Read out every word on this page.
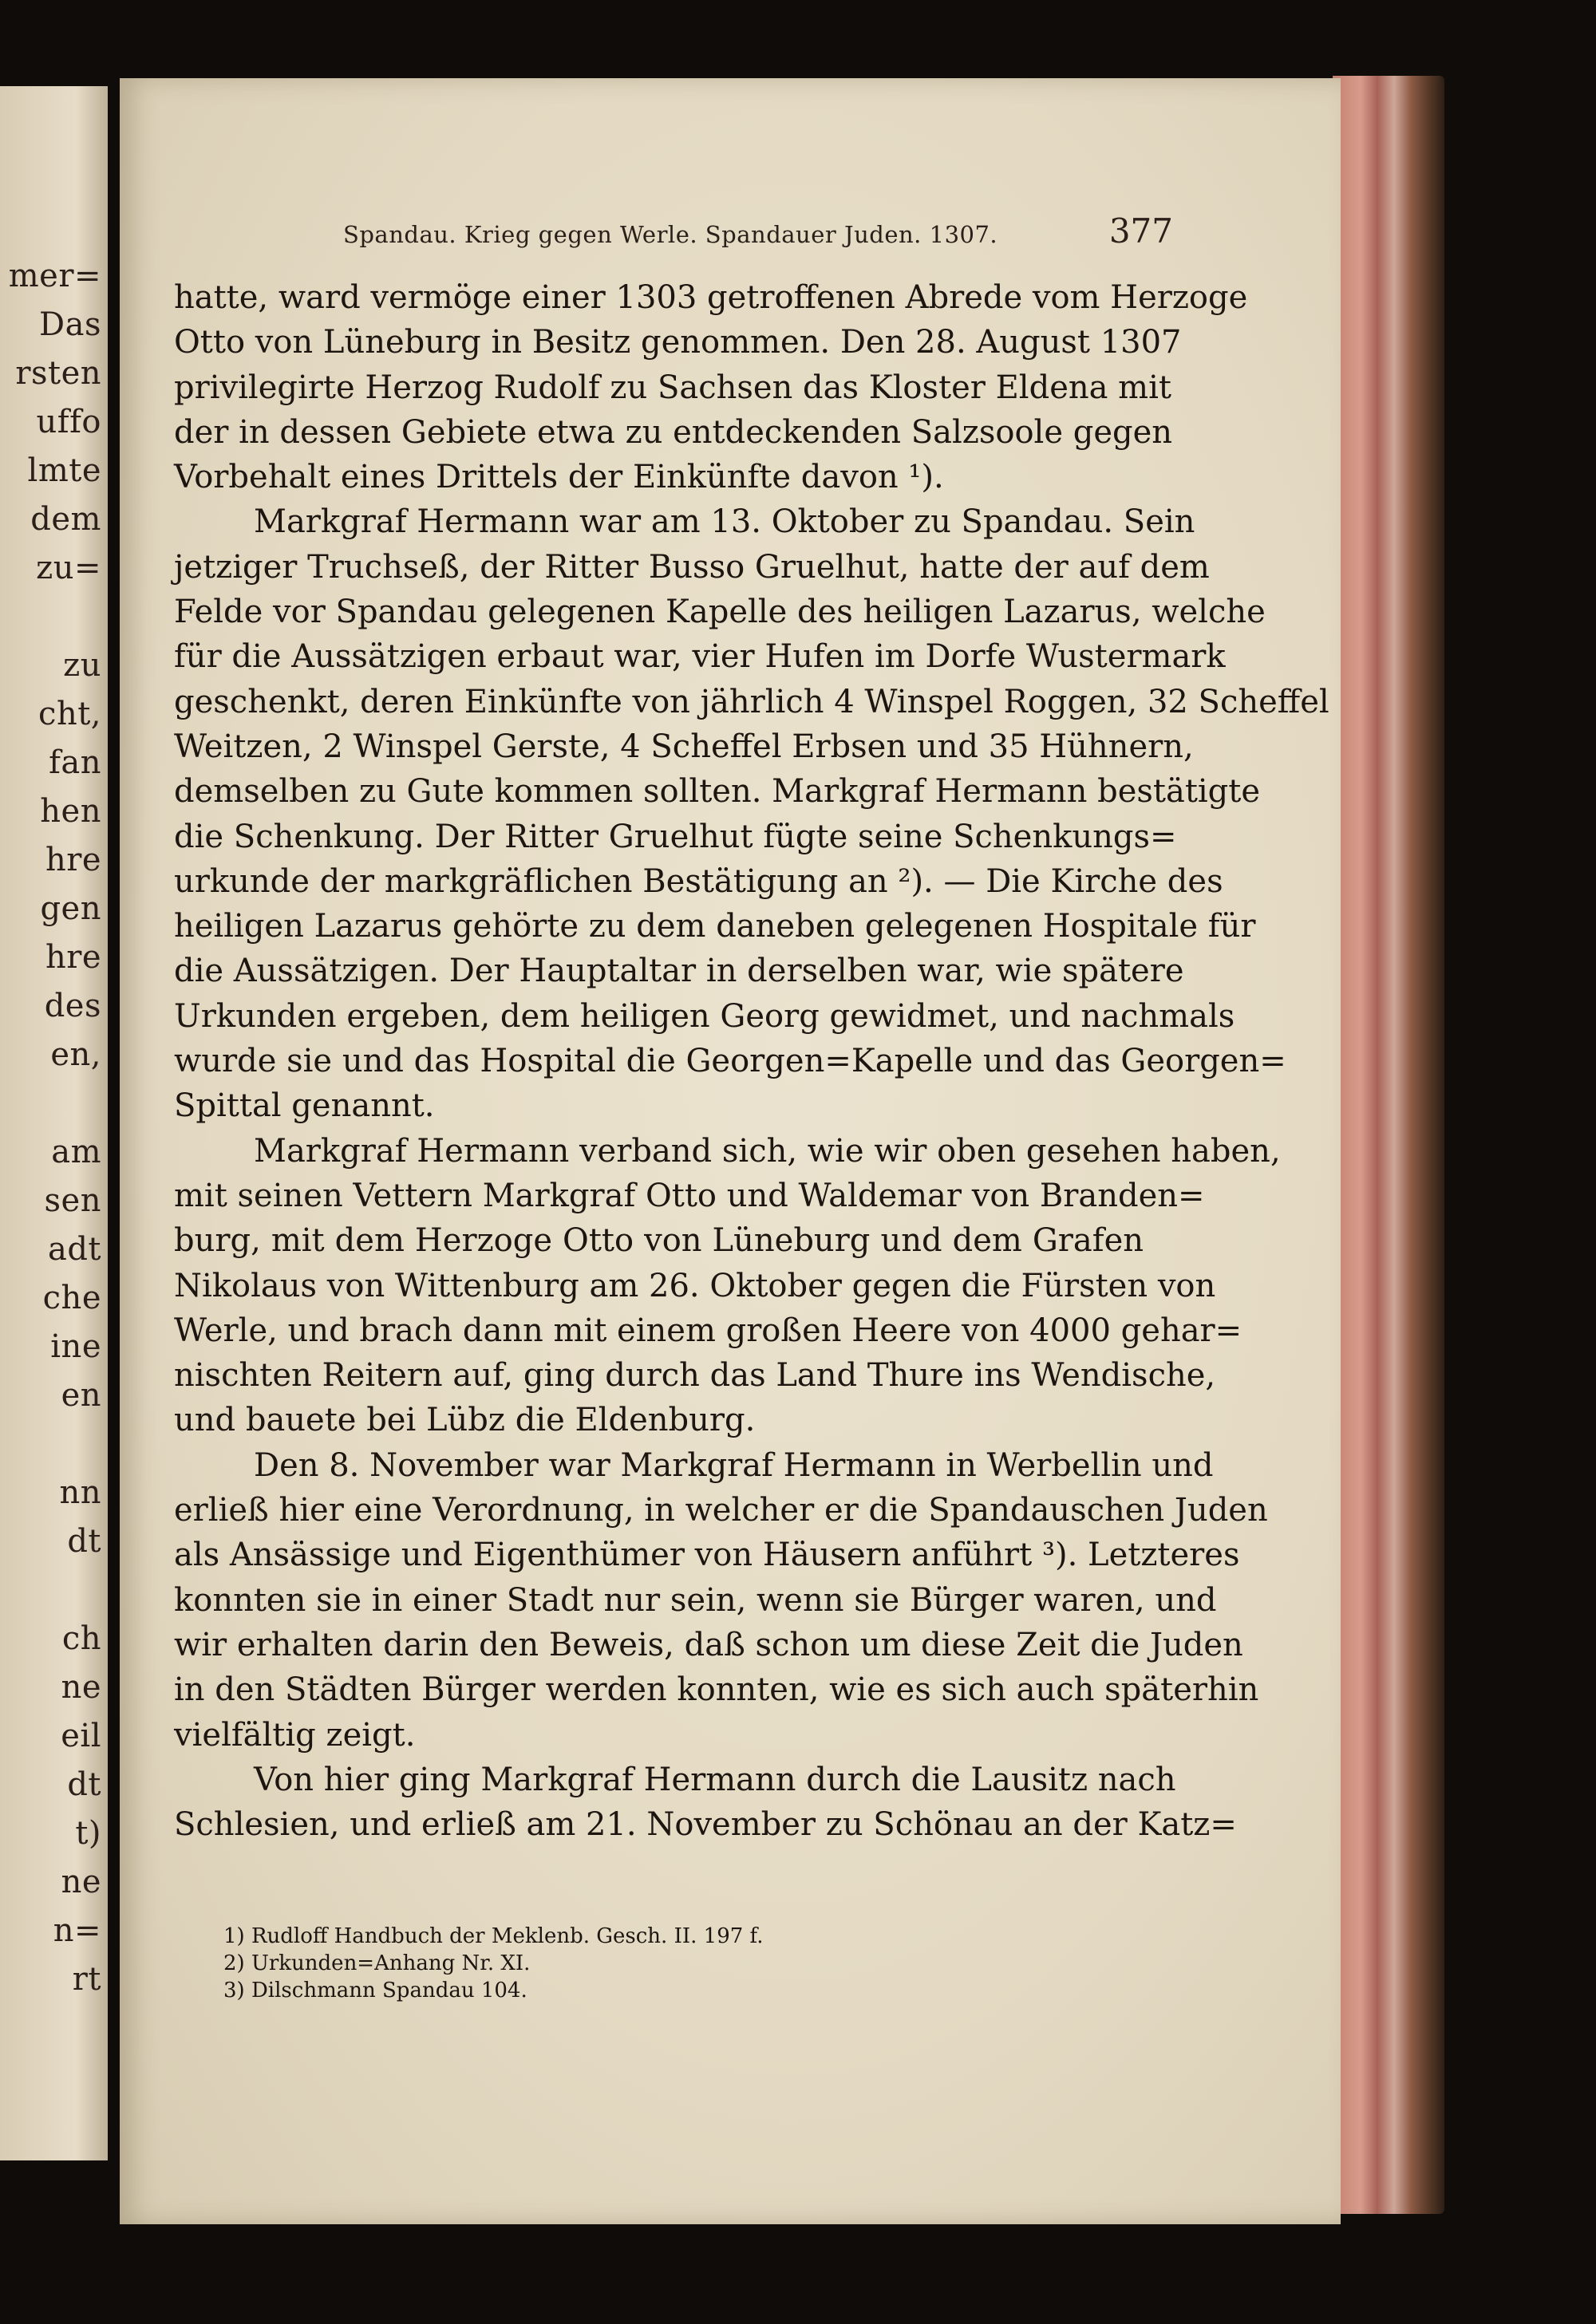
mer=
Das
rsten
uffo
lmte
dem
zu=
zu
cht,
fan
hen
hre
gen
hre
des
en,
am
sen
adt
che
ine
en
nn
dt
ch
ne
eil
dt
t)
ne
n=
rt
Spandau. Krieg gegen Werle. Spandauer Juden. 1307.	377
hatte, ward vermöge einer 1303 getroffenen Abrede vom Herzoge
Otto von Lüneburg in Besitz genommen. Den 28. August 1307
privilegirte Herzog Rudolf zu Sachsen das Kloster Eldena mit
der in dessen Gebiete etwa zu entdeckenden Salzsoole gegen
Vorbehalt eines Drittels der Einkünfte davon ¹).
Markgraf Hermann war am 13. Oktober zu Spandau. Sein
jetziger Truchseß, der Ritter Busso Gruelhut, hatte der auf dem
Felde vor Spandau gelegenen Kapelle des heiligen Lazarus, welche
für die Aussätzigen erbaut war, vier Hufen im Dorfe Wustermark
geschenkt, deren Einkünfte von jährlich 4 Winspel Roggen, 32 Scheffel
Weitzen, 2 Winspel Gerste, 4 Scheffel Erbsen und 35 Hühnern,
demselben zu Gute kommen sollten. Markgraf Hermann bestätigte
die Schenkung. Der Ritter Gruelhut fügte seine Schenkungs=
urkunde der markgräflichen Bestätigung an ²). — Die Kirche des
heiligen Lazarus gehörte zu dem daneben gelegenen Hospitale für
die Aussätzigen. Der Hauptaltar in derselben war, wie spätere
Urkunden ergeben, dem heiligen Georg gewidmet, und nachmals
wurde sie und das Hospital die Georgen=Kapelle und das Georgen=
Spittal genannt.
Markgraf Hermann verband sich, wie wir oben gesehen haben,
mit seinen Vettern Markgraf Otto und Waldemar von Branden=
burg, mit dem Herzoge Otto von Lüneburg und dem Grafen
Nikolaus von Wittenburg am 26. Oktober gegen die Fürsten von
Werle, und brach dann mit einem großen Heere von 4000 gehar=
nischten Reitern auf, ging durch das Land Thure ins Wendische,
und bauete bei Lübz die Eldenburg.
Den 8. November war Markgraf Hermann in Werbellin und
erließ hier eine Verordnung, in welcher er die Spandauschen Juden
als Ansässige und Eigenthümer von Häusern anführt ³). Letzteres
konnten sie in einer Stadt nur sein, wenn sie Bürger waren, und
wir erhalten darin den Beweis, daß schon um diese Zeit die Juden
in den Städten Bürger werden konnten, wie es sich auch späterhin
vielfältig zeigt.
Von hier ging Markgraf Hermann durch die Lausitz nach
Schlesien, und erließ am 21. November zu Schönau an der Katz=
1) Rudloff Handbuch der Meklenb. Gesch. II. 197 f.
2) Urkunden=Anhang Nr. XI.
3) Dilschmann Spandau 104.
